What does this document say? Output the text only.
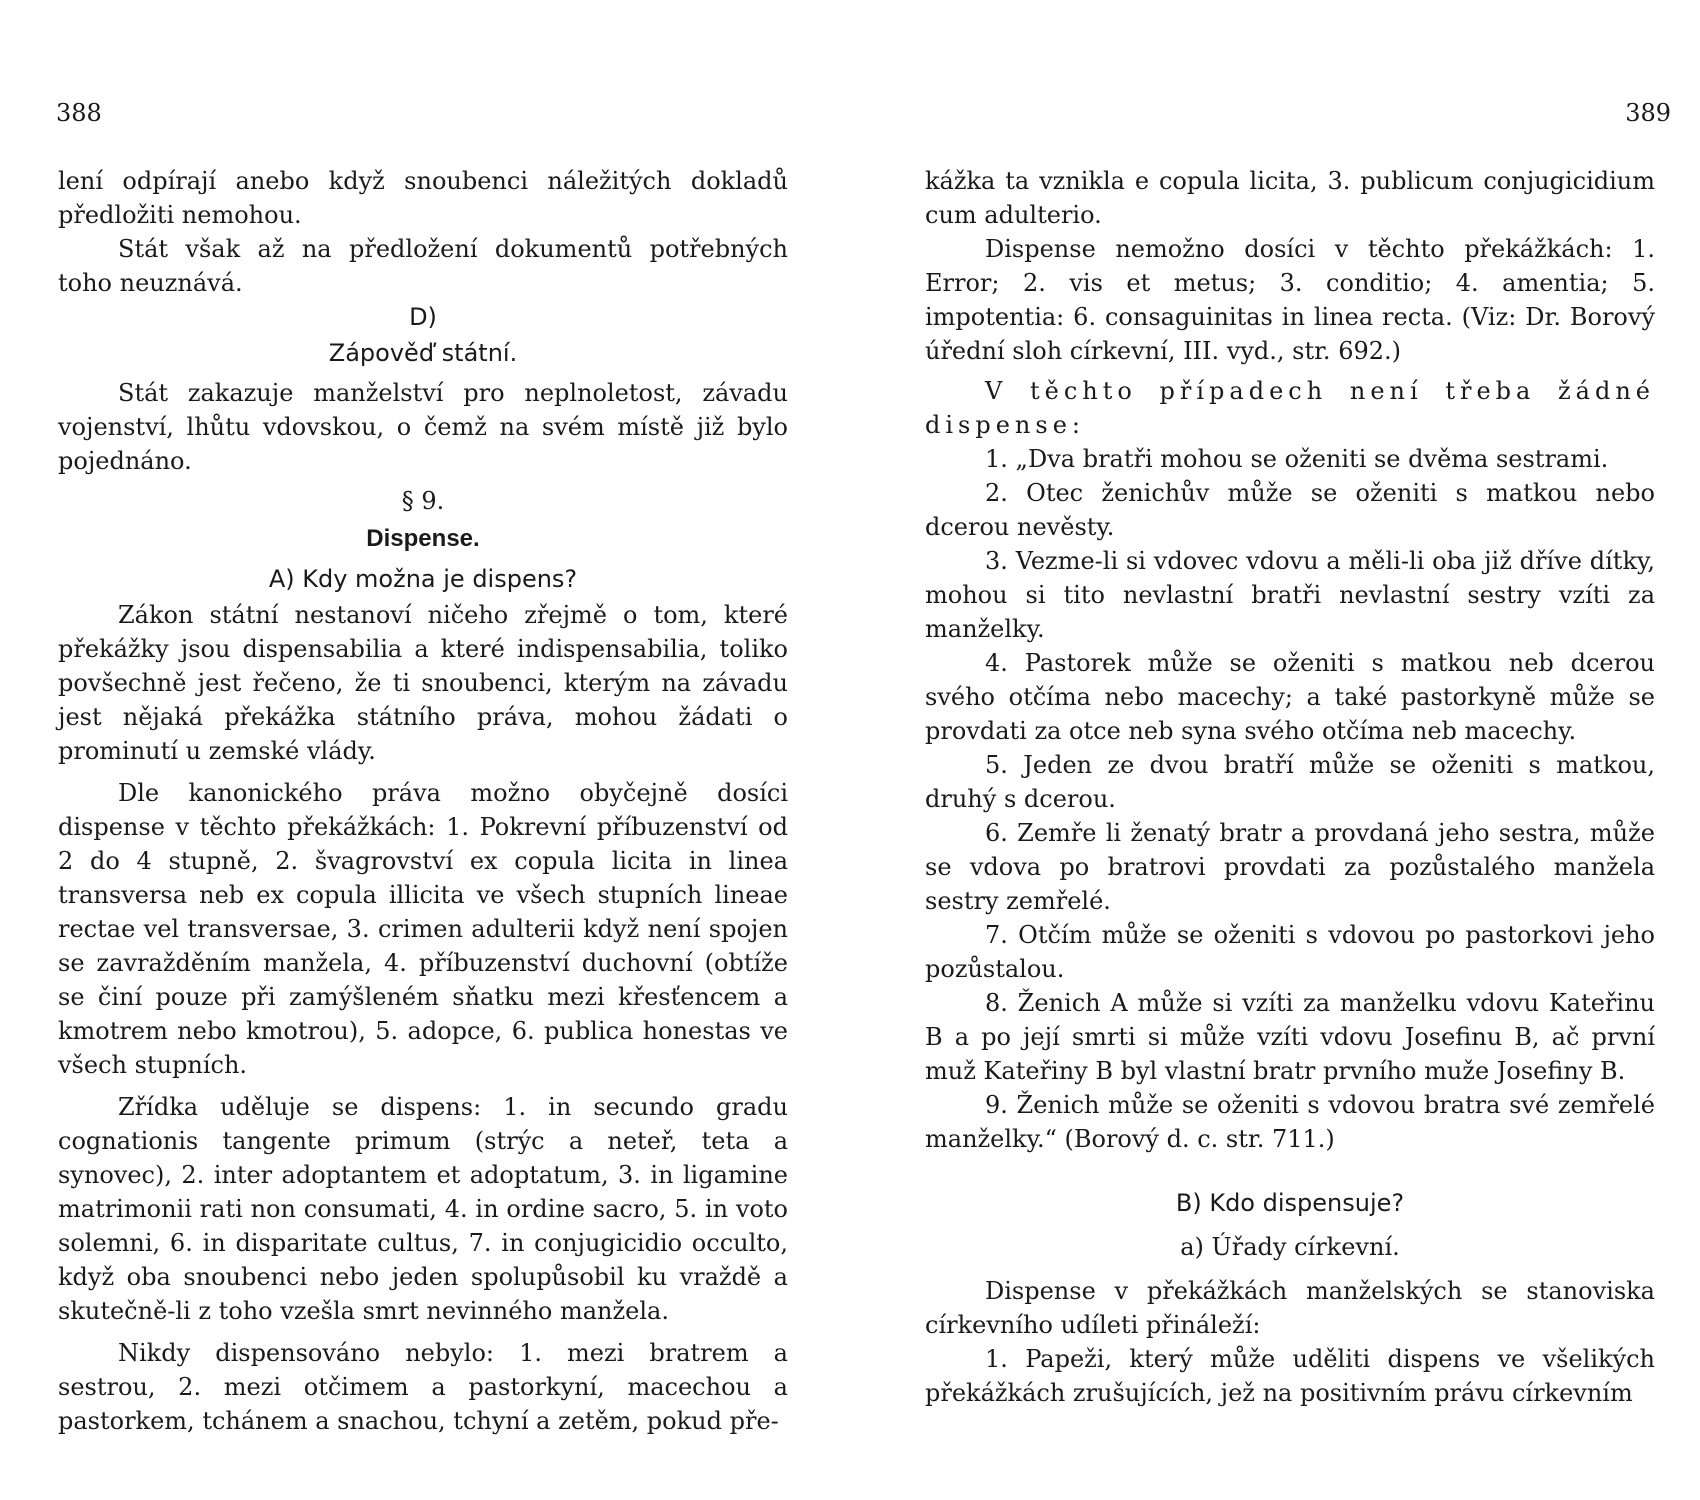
388

lení odpírají anebo když snoubenci náležitých dokladů předložiti nemohou.

Stát však až na předložení dokumentů potřebných toho neuznává.

D)

Zápověď státní.

Stát zakazuje manželství pro neplnoletost, závadu vojenství, lhůtu vdovskou, o čemž na svém místě již bylo pojednáno.

§ 9.

Dispense.

A) Kdy možna je dispens?

Zákon státní nestanoví ničeho zřejmě o tom, které překážky jsou dispensabilia a které indispensabilia, toliko povšechně jest řečeno, že ti snoubenci, kterým na závadu jest nějaká překážka státního práva, mohou žádati o prominutí u zemské vlády.

Dle kanonického práva možno obyčejně dosíci dispense v těchto překážkách: 1. Pokrevní příbuzenství od 2 do 4 stupně, 2. švagrovství ex copula licita in linea transversa neb ex copula illicita ve všech stupních lineae rectae vel transversae, 3. crimen adulterii když není spojen se zavražděním manžela, 4. příbuzenství duchovní (obtíže se činí pouze při zamýšleném sňatku mezi křesťencem a kmotrem nebo kmotrou), 5. adopce, 6. publica honestas ve všech stupních.

Zřídka uděluje se dispens: 1. in secundo gradu cognationis tangente primum (strýc a neteř, teta a synovec), 2. inter adoptantem et adoptatum, 3. in ligamine matrimonii rati non consumati, 4. in ordine sacro, 5. in voto solemni, 6. in disparitate cultus, 7. in conjugicidio occulto, když oba snoubenci nebo jeden spolupůsobil ku vraždě a skutečně-li z toho vzešla smrt nevinného manžela.

Nikdy dispensováno nebylo: 1. mezi bratrem a sestrou, 2. mezi otčimem a pastorkyní, macechou a pastorkem, tchánem a snachou, tchyní a zetěm, pokud pře-

389

kážka ta vznikla e copula licita, 3. publicum conjugicidium cum adulterio.

Dispense nemožno dosíci v těchto překážkách: 1. Error; 2. vis et metus; 3. conditio; 4. amentia; 5. impotentia: 6. consaguinitas in linea recta. (Viz: Dr. Borový úřední sloh církevní, III. vyd., str. 692.)

V těchto případech není třeba žádné dispense:

1. „Dva bratři mohou se oženiti se dvěma sestrami.

2. Otec ženichův může se oženiti s matkou nebo dcerou nevěsty.

3. Vezme-li si vdovec vdovu a měli-li oba již dříve dítky, mohou si tito nevlastní bratři nevlastní sestry vzíti za manželky.

4. Pastorek může se oženiti s matkou neb dcerou svého otčíma nebo macechy; a také pastorkyně může se provdati za otce neb syna svého otčíma neb macechy.

5. Jeden ze dvou bratří může se oženiti s matkou, druhý s dcerou.

6. Zemře li ženatý bratr a provdaná jeho sestra, může se vdova po bratrovi provdati za pozůstalého manžela sestry zemřelé.

7. Otčím může se oženiti s vdovou po pastorkovi jeho pozůstalou.

8. Ženich A může si vzíti za manželku vdovu Kateřinu B a po její smrti si může vzíti vdovu Josefinu B, ač první muž Kateřiny B byl vlastní bratr prvního muže Josefiny B.

9. Ženich může se oženiti s vdovou bratra své zemřelé manželky.“ (Borový d. c. str. 711.)

B) Kdo dispensuje?

a) Úřady církevní.

Dispense v překážkách manželských se stanoviska církevního udíleti přináleží:

1. Papeži, který může uděliti dispens ve všelikých překážkách zrušujících, jež na positivním právu církevním
